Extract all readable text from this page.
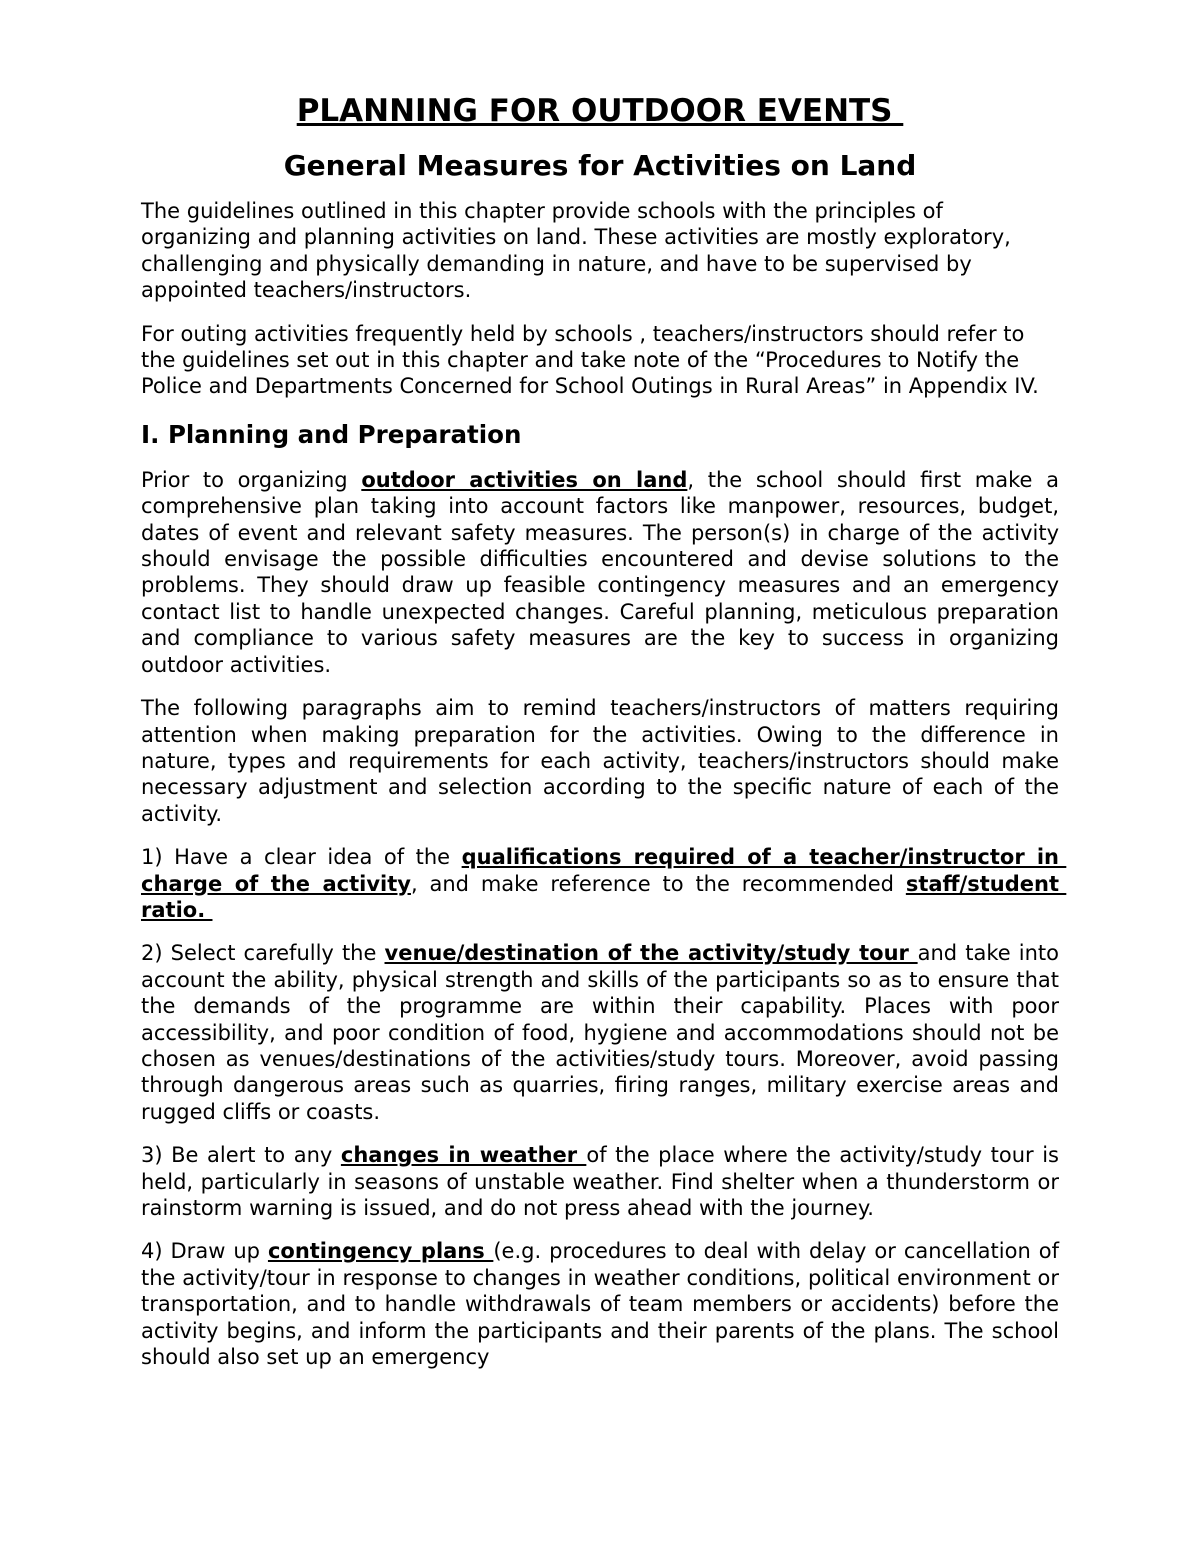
PLANNING FOR OUTDOOR EVENTS
General Measures for Activities on Land

The guidelines outlined in this chapter provide schools with the principles of organizing and planning activities on land. These activities are mostly exploratory, challenging and physically demanding in nature, and have to be supervised by appointed teachers/instructors.

For outing activities frequently held by schools , teachers/instructors should refer to the guidelines set out in this chapter and take note of the “Procedures to Notify the Police and Departments Concerned for School Outings in Rural Areas” in Appendix IV.

I. Planning and Preparation

Prior to organizing outdoor activities on land, the school should first make a comprehensive plan taking into account factors like manpower, resources, budget, dates of event and relevant safety measures. The person(s) in charge of the activity should envisage the possible difficulties encountered and devise solutions to the problems. They should draw up feasible contingency measures and an emergency contact list to handle unexpected changes. Careful planning, meticulous preparation and compliance to various safety measures are the key to success in organizing outdoor activities.

The following paragraphs aim to remind teachers/instructors of matters requiring attention when making preparation for the activities. Owing to the difference in nature, types and requirements for each activity, teachers/instructors should make necessary adjustment and selection according to the specific nature of each of the activity.

1) Have a clear idea of the qualifications required of a teacher/instructor in charge of the activity, and make reference to the recommended staff/student ratio.

2) Select carefully the venue/destination of the activity/study tour and take into account the ability, physical strength and skills of the participants so as to ensure that the demands of the programme are within their capability. Places with poor accessibility, and poor condition of food, hygiene and accommodations should not be chosen as venues/destinations of the activities/study tours. Moreover, avoid passing through dangerous areas such as quarries, firing ranges, military exercise areas and rugged cliffs or coasts.

3) Be alert to any changes in weather of the place where the activity/study tour is held, particularly in seasons of unstable weather. Find shelter when a thunderstorm or rainstorm warning is issued, and do not press ahead with the journey.

4) Draw up contingency plans (e.g. procedures to deal with delay or cancellation of the activity/tour in response to changes in weather conditions, political environment or transportation, and to handle withdrawals of team members or accidents) before the activity begins, and inform the participants and their parents of the plans. The school should also set up an emergency
